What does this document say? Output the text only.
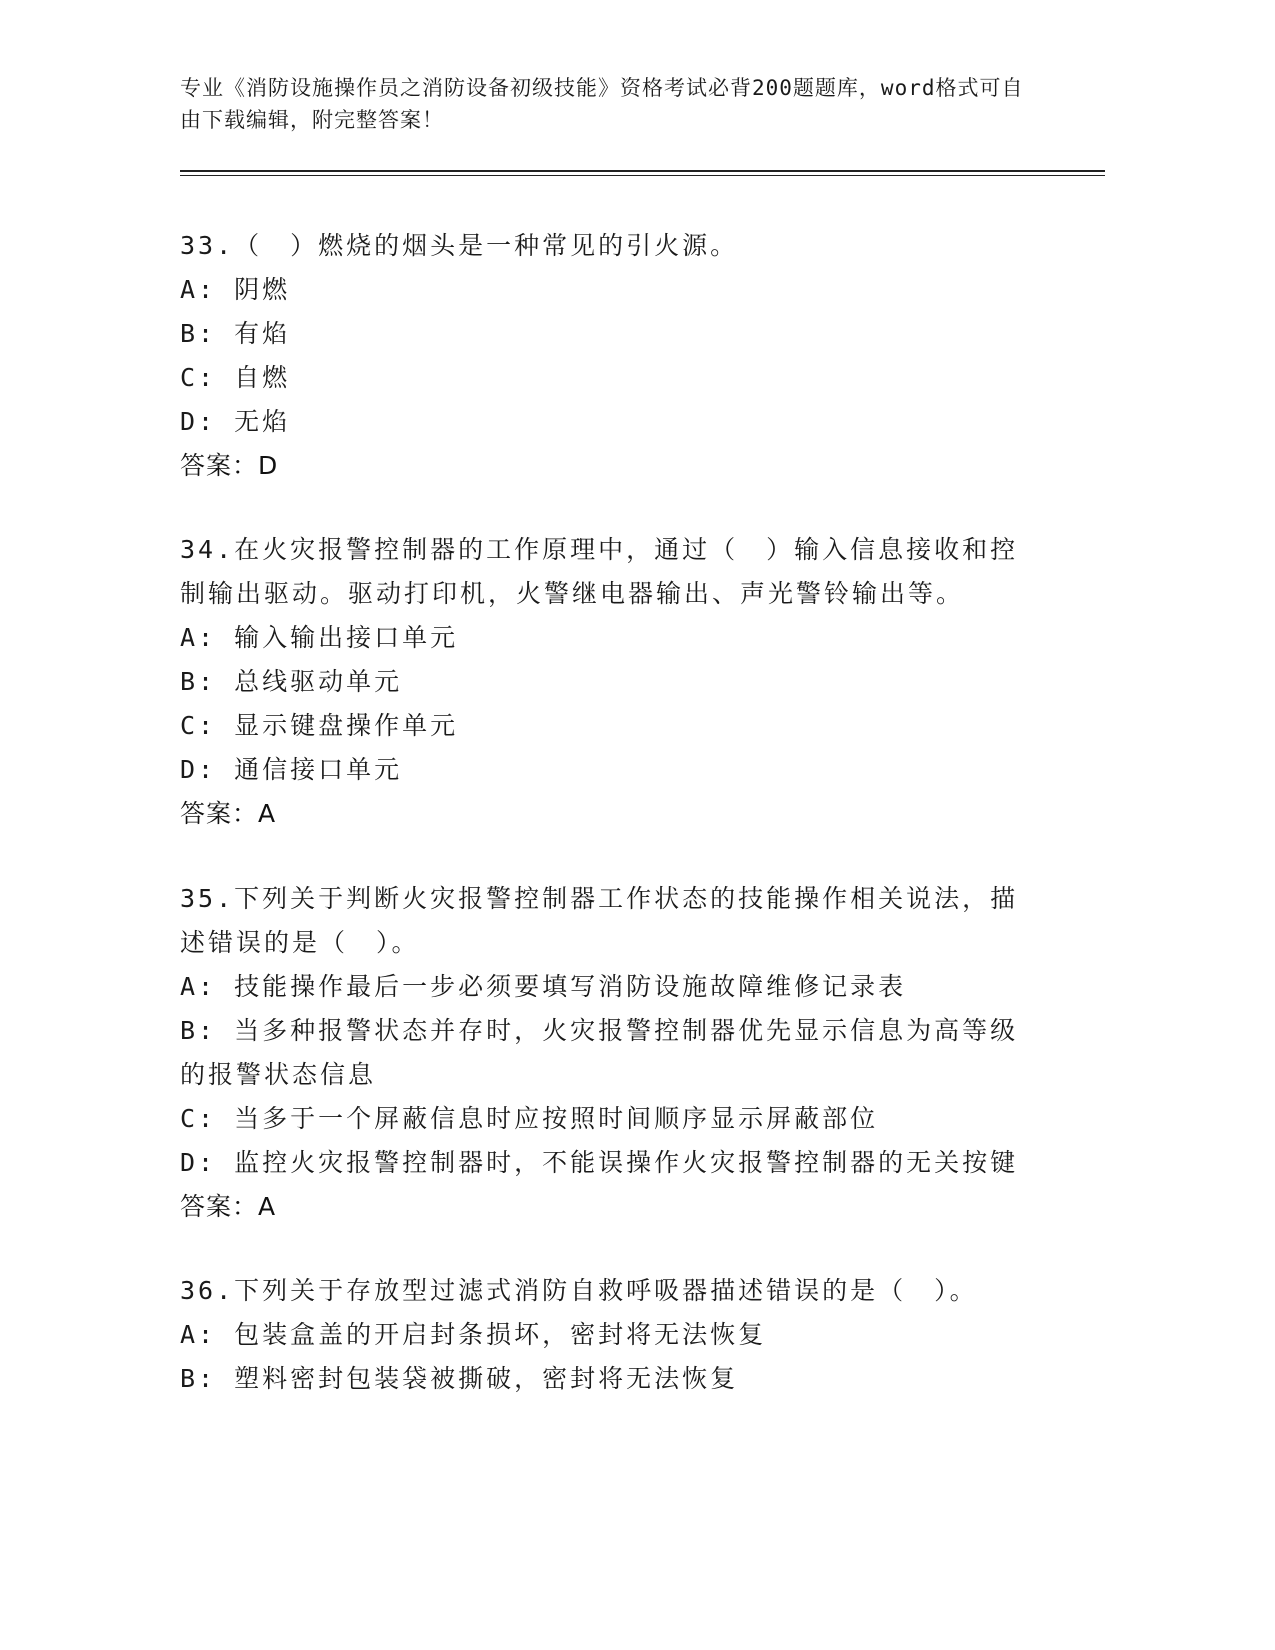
专业《消防设施操作员之消防设备初级技能》资格考试必背200题题库，word格式可自由下载编辑，附完整答案！

33.（　）燃烧的烟头是一种常见的引火源。

A: 阴燃

B: 有焰

C: 自燃

D: 无焰

答案：D

34.在火灾报警控制器的工作原理中，通过（　）输入信息接收和控制输出驱动。驱动打印机，火警继电器输出、声光警铃输出等。

A: 输入输出接口单元

B: 总线驱动单元

C: 显示键盘操作单元

D: 通信接口单元

答案：A

35.下列关于判断火灾报警控制器工作状态的技能操作相关说法，描述错误的是（　）。

A: 技能操作最后一步必须要填写消防设施故障维修记录表

B: 当多种报警状态并存时，火灾报警控制器优先显示信息为高等级的报警状态信息

C: 当多于一个屏蔽信息时应按照时间顺序显示屏蔽部位

D: 监控火灾报警控制器时，不能误操作火灾报警控制器的无关按键

答案：A

36.下列关于存放型过滤式消防自救呼吸器描述错误的是（　）。

A: 包装盒盖的开启封条损坏，密封将无法恢复

B: 塑料密封包装袋被撕破，密封将无法恢复
